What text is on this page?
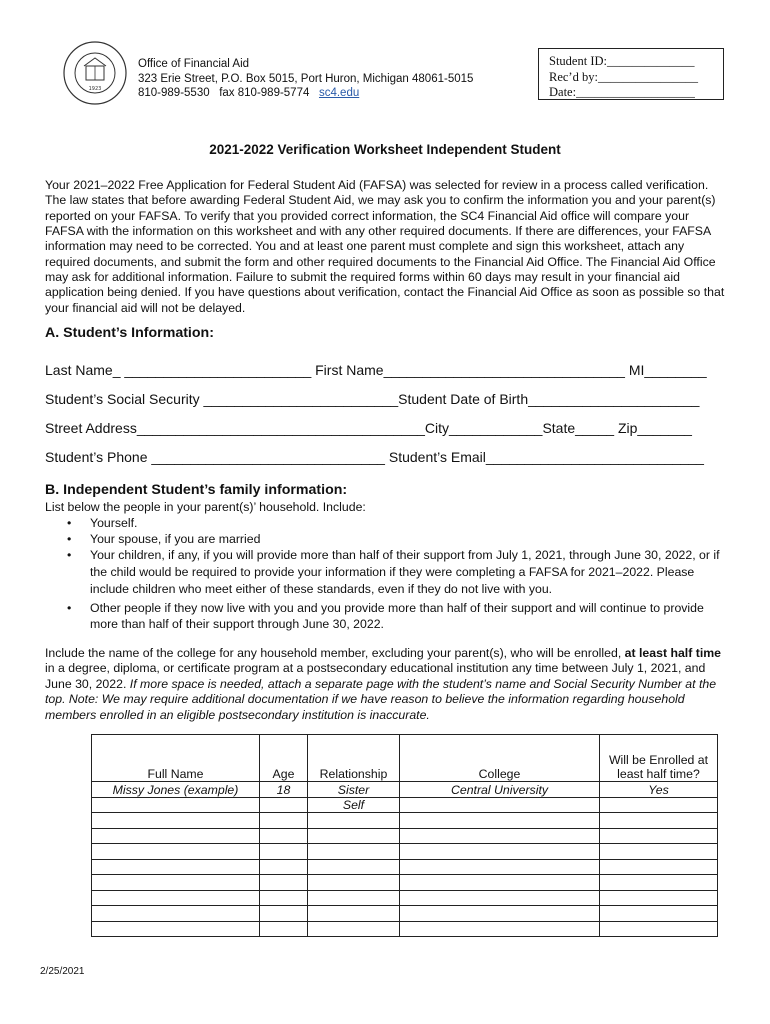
1923
Office of Financial Aid
323 Erie Street, P.O. Box 5015, Port Huron, Michigan 48061-5015
810-989-5530 fax 810-989-5774 sc4.edu
Student ID:______________
Rec’d by:________________
Date:___________________
2021-2022 Verification Worksheet Independent Student
Your 2021–2022 Free Application for Federal Student Aid (FAFSA) was selected for review in a process called verification. The law states that before awarding Federal Student Aid, we may ask you to confirm the information you and your parent(s) reported on your FAFSA. To verify that you provided correct information, the SC4 Financial Aid office will compare your FAFSA with the information on this worksheet and with any other required documents. If there are differences, your FAFSA information may need to be corrected. You and at least one parent must complete and sign this worksheet, attach any required documents, and submit the form and other required documents to the Financial Aid Office. The Financial Aid Office may ask for additional information. Failure to submit the required forms within 60 days may result in your financial aid application being denied. If you have questions about verification, contact the Financial Aid Office as soon as possible so that your financial aid will not be delayed.
A. Student’s Information:
Last Name_ ________________________ First Name_______________________________ MI________
Student’s Social Security _________________________Student Date of Birth______________________
Street Address_____________________________________City____________State_____ Zip_______
Student’s Phone ______________________________ Student’s Email____________________________
B. Independent Student’s family information:
List below the people in your parent(s)’ household. Include:
• Yourself.
• Your spouse, if you are married
• Your children, if any, if you will provide more than half of their support from July 1, 2021, through June 30, 2022, or if the child would be required to provide your information if they were completing a FAFSA for 2021–2022. Please include children who meet either of these standards, even if they do not live with you.
• Other people if they now live with you and you provide more than half of their support and will continue to provide more than half of their support through June 30, 2022.
Include the name of the college for any household member, excluding your parent(s), who will be enrolled, at least half time in a degree, diploma, or certificate program at a postsecondary educational institution any time between July 1, 2021, and June 30, 2022. If more space is needed, attach a separate page with the student’s name and Social Security Number at the top. Note: We may require additional documentation if we have reason to believe the information regarding household members enrolled in an eligible postsecondary institution is inaccurate.
Full Name	Age	Relationship	College	Will be Enrolled at least half time?
Missy Jones (example)	18	Sister	Central University	Yes
		Self		

2/25/2021
